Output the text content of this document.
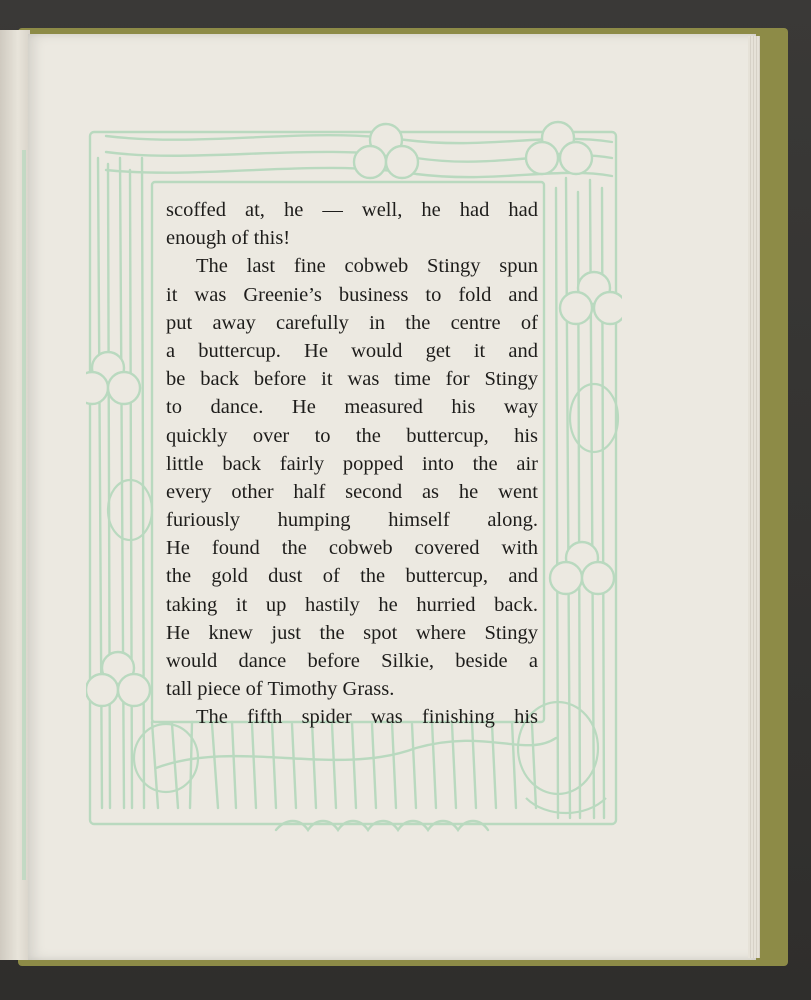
scoffed at, he — well, he had had
enough of this!
The last fine cobweb Stingy spun
it was Greenie’s business to fold and
put away carefully in the centre of
a buttercup. He would get it and
be back before it was time for Stingy
to dance. He measured his way
quickly over to the buttercup, his
little back fairly popped into the air
every other half second as he went
furiously humping himself along.
He found the cobweb covered with
the gold dust of the buttercup, and
taking it up hastily he hurried back.
He knew just the spot where Stingy
would dance before Silkie, beside a
tall piece of Timothy Grass.
The fifth spider was finishing his
